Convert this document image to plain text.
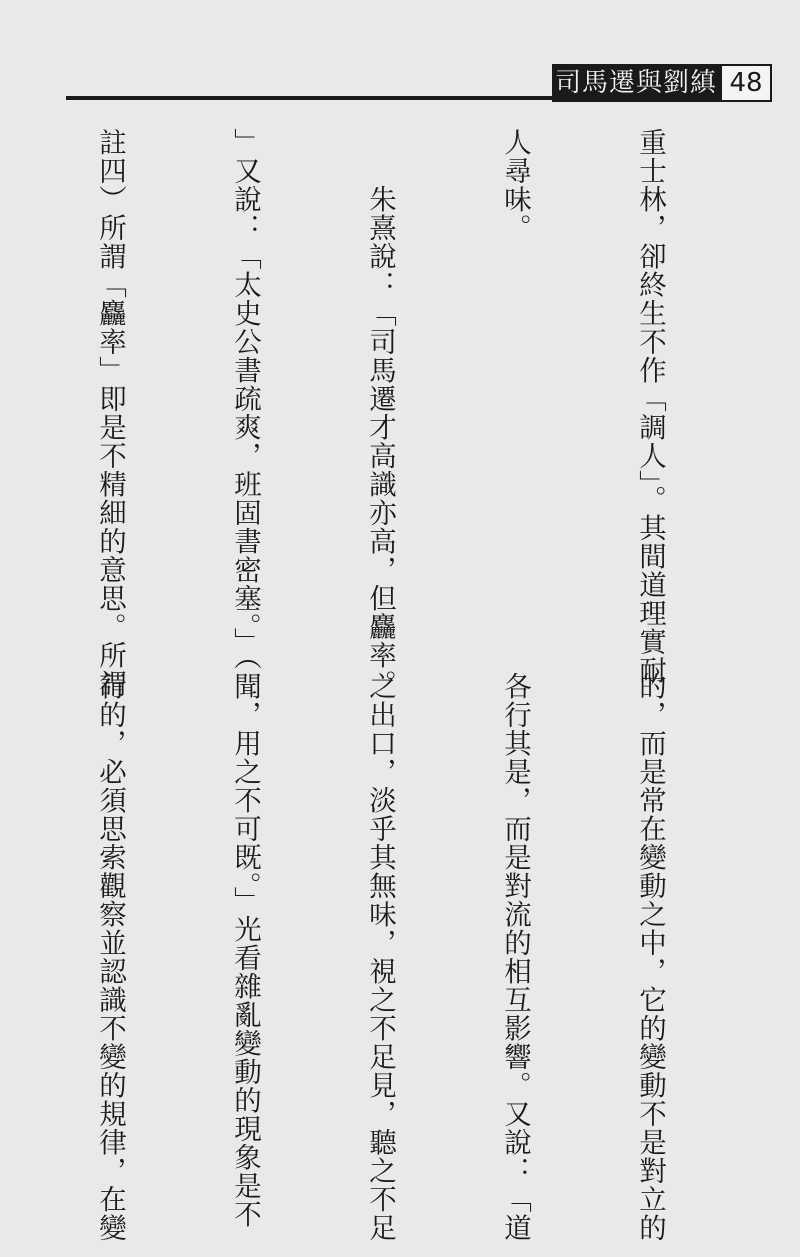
司馬遷與劉縝 48

重士林，卻終生不作「調人」。其間道理實耐

人尋味。

　　朱熹說：「司馬遷才高識亦高，但麤率。

」又說：「太史公書疏爽，班固書密塞。」（

註四）所謂「麤率」即是不精細的意思。所謂

的，而是常在變動之中，它的變動不是對立的

各行其是，而是對流的相互影響。又說：「道

之出口，淡乎其無味，視之不足見，聽之不足

聞，用之不可既。」光看雜亂變動的現象是不

行的，必須思索觀察並認識不變的規律，在變
